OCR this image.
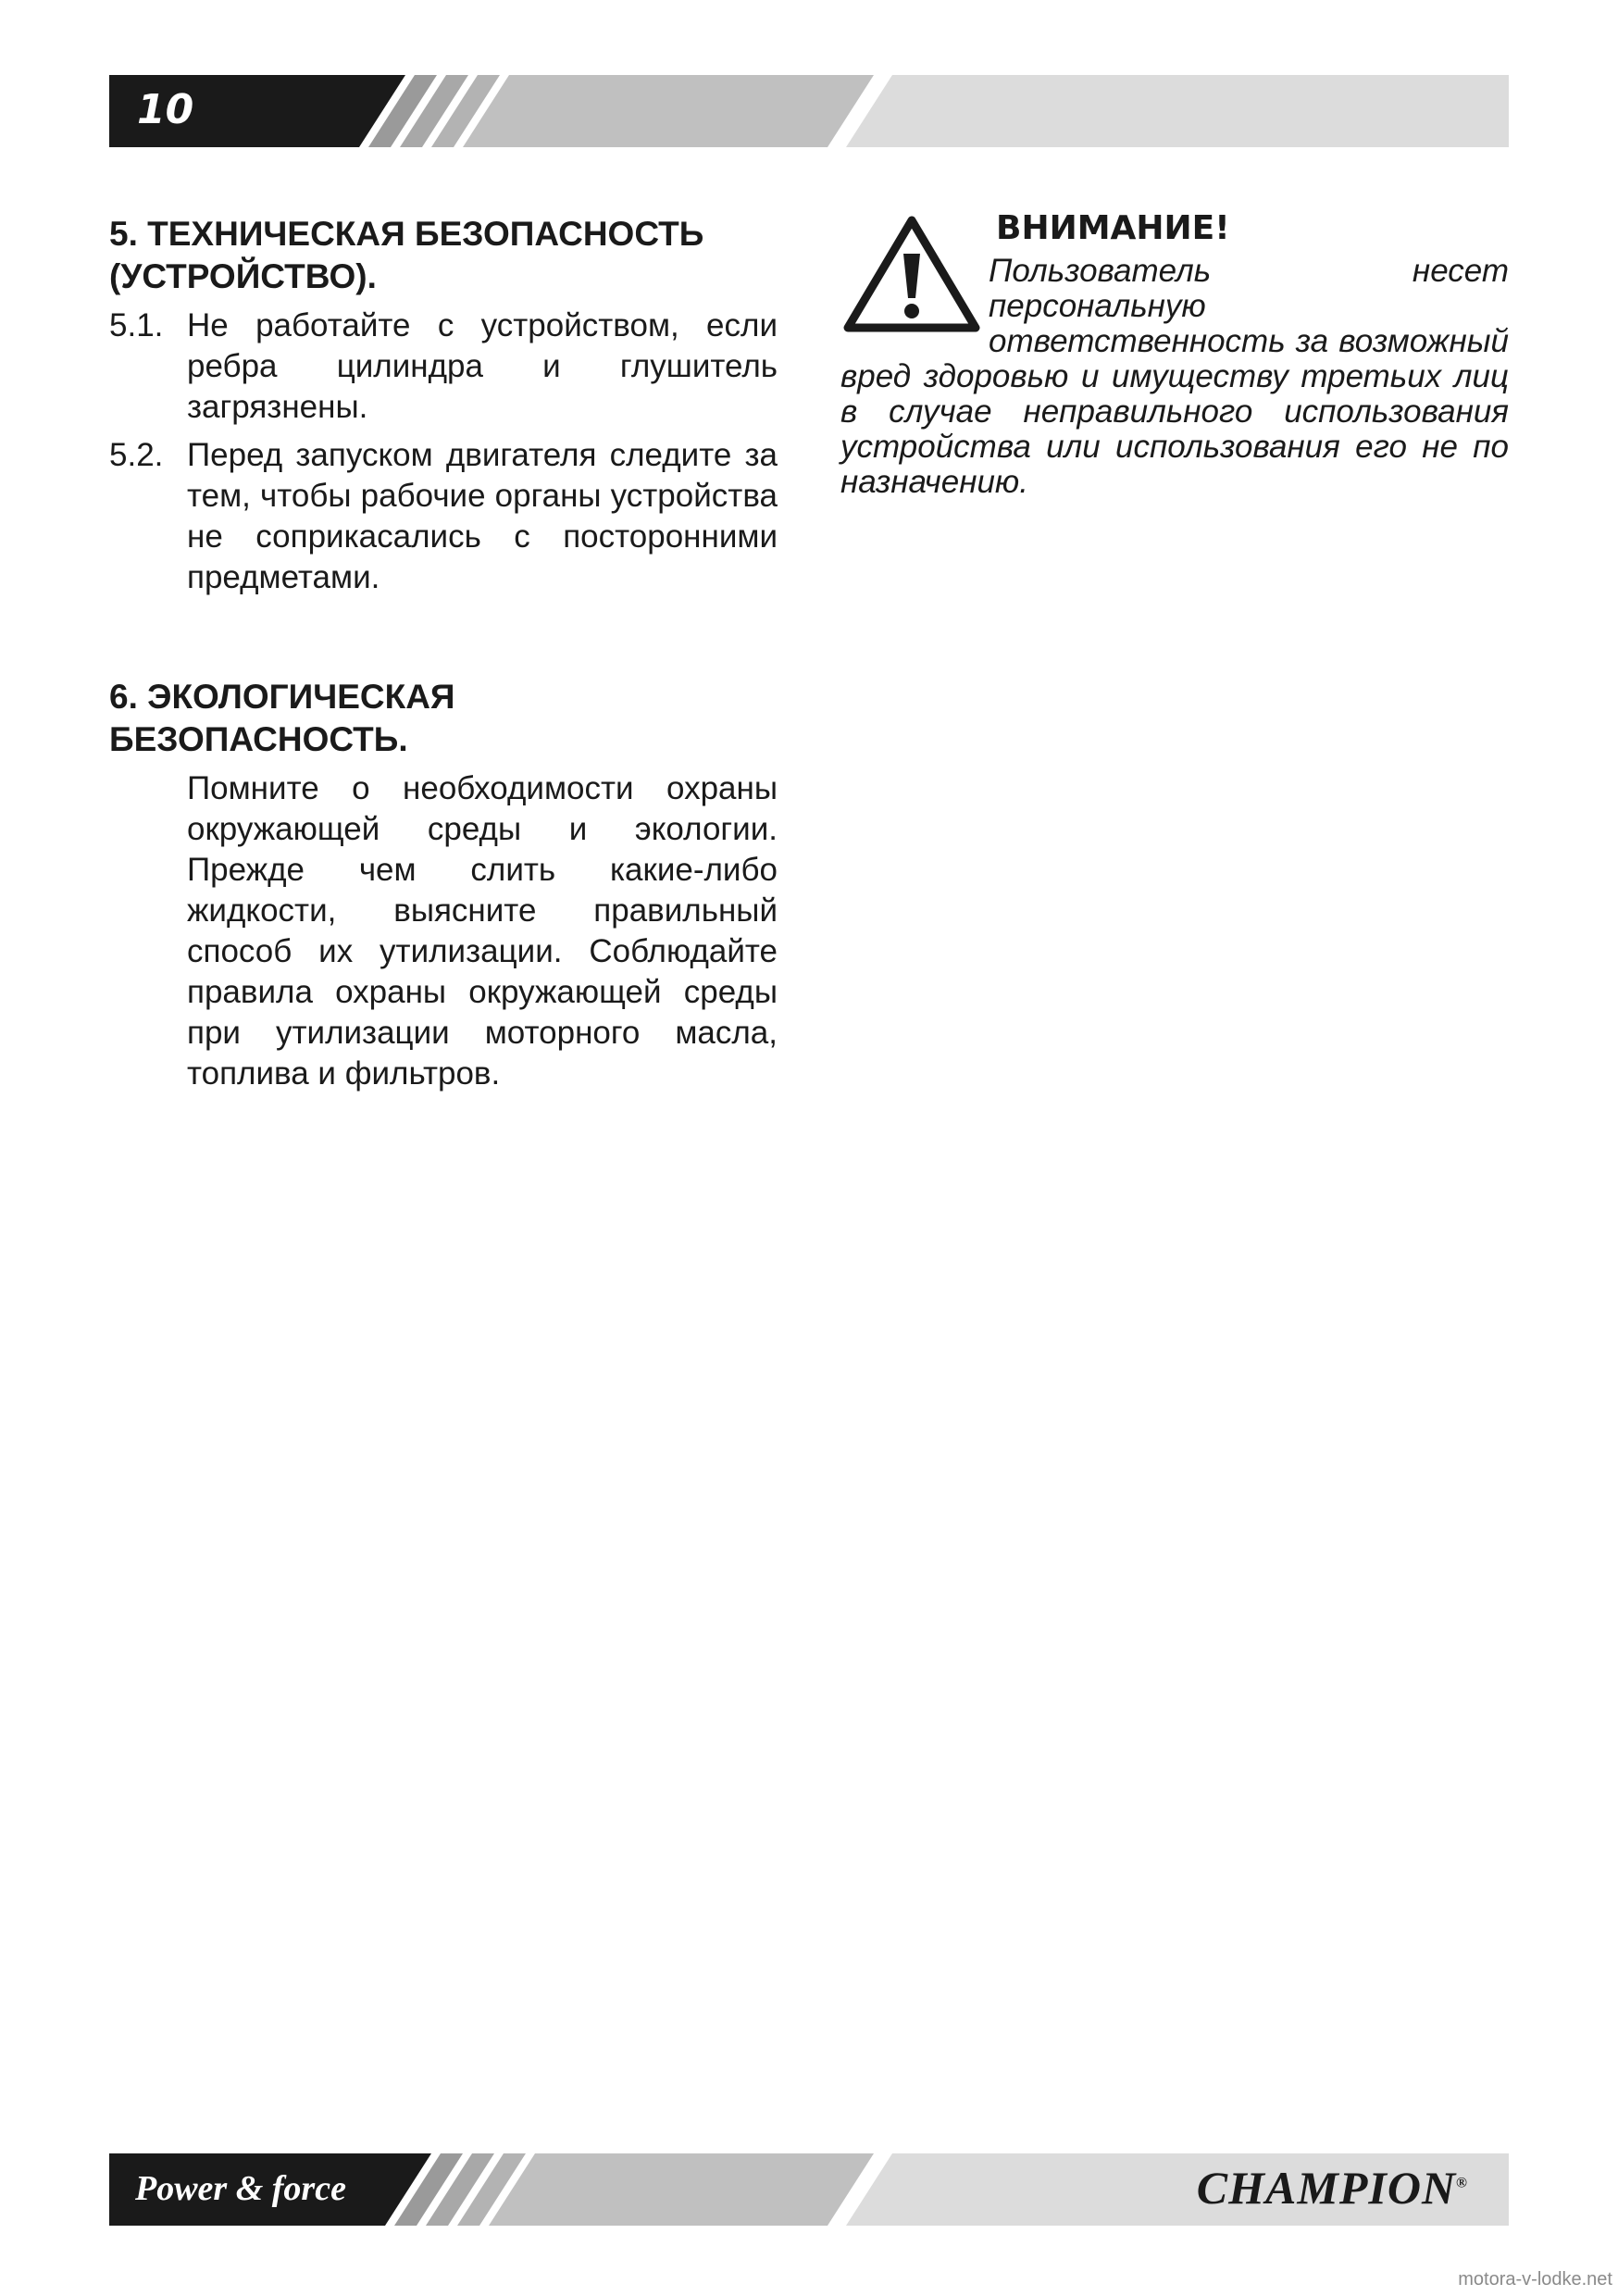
10
5. ТЕХНИЧЕСКАЯ БЕЗОПАСНОСТЬ (УСТРОЙСТВО).
5.1. Не работайте с устройством, если ребра цилиндра и глушитель загрязнены.
5.2. Перед запуском двигателя следите за тем, чтобы рабочие органы устройства не соприкасались с посторонними предметами.
6. ЭКОЛОГИЧЕСКАЯ
БЕЗОПАСНОСТЬ.
Помните о необходимости охраны окружающей среды и экологии. Прежде чем слить какие-либо жидкости, выясните правильный способ их утилизации. Соблюдайте правила охраны окружающей среды при утилизации моторного масла, топлива и фильтров.
ВНИМАНИЕ!
Пользователь несет персональную ответственность за возможный вред здоровью и имуществу третьих лиц в случае неправильного использования устройства или использования его не по назначению.
Power & force	CHAMPION®
motora-v-lodke.net
